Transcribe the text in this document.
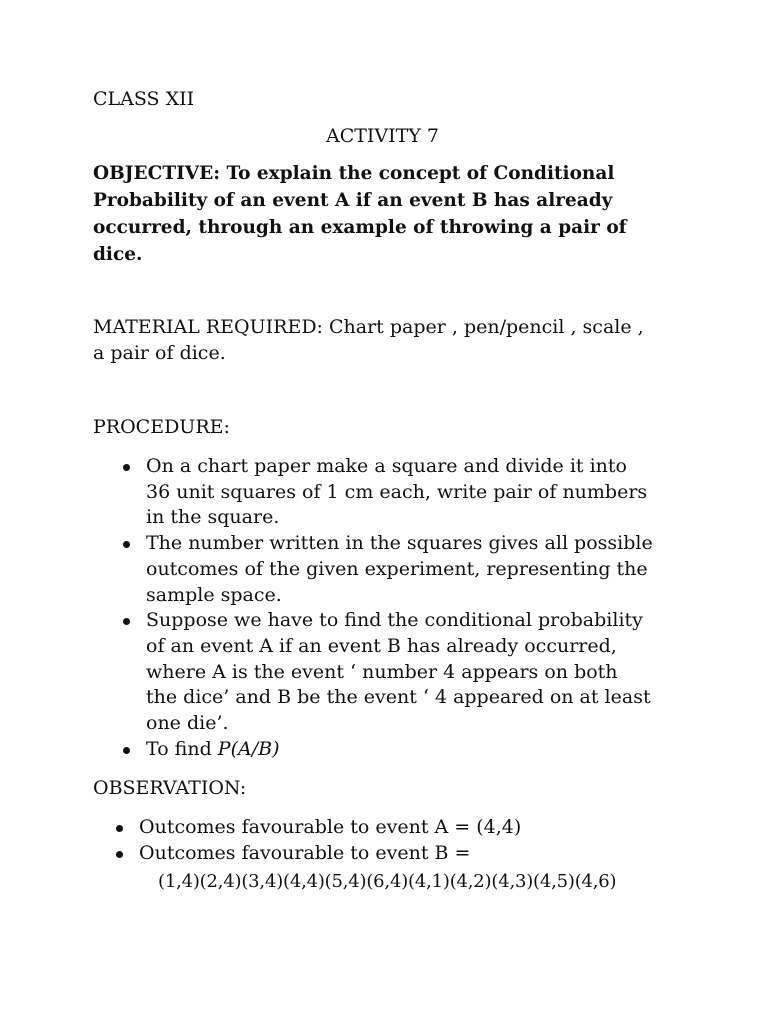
CLASS XII
ACTIVITY 7
OBJECTIVE: To explain the concept of Conditional
Probability of an event A if an event B has already
occurred, through an example of throwing a pair of
dice.
MATERIAL REQUIRED: Chart paper , pen/pencil , scale ,
a pair of dice.
PROCEDURE:
On a chart paper make a square and divide it into
36 unit squares of 1 cm each, write pair of numbers
in the square.
The number written in the squares gives all possible
outcomes of the given experiment, representing the
sample space.
Suppose we have to find the conditional probability
of an event A if an event B has already occurred,
where A is the event ‘ number 4 appears on both
the dice’ and B be the event ‘ 4 appeared on at least
one die’.
To find P(A/B)
OBSERVATION:
Outcomes favourable to event A = (4,4)
Outcomes favourable to event B =
(1,4)(2,4)(3,4)(4,4)(5,4)(6,4)(4,1)(4,2)(4,3)(4,5)(4,6)
